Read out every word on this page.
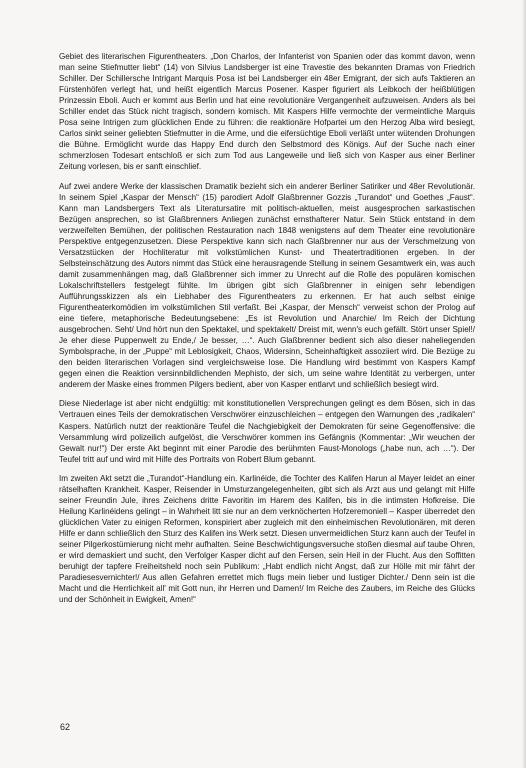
Gebiet des literarischen Figurentheaters. „Don Charlos, der Infanterist von Spanien oder das kommt davon, wenn man seine Stiefmutter liebt“ (14) von Silvius Landsberger ist eine Travestie des bekannten Dramas von Friedrich Schiller. Der Schillersche Intrigant Marquis Posa ist bei Landsberger ein 48er Emigrant, der sich aufs Taktieren an Fürstenhöfen verlegt hat, und heißt eigentlich Marcus Posener. Kasper figuriert als Leibkoch der heißblütigen Prinzessin Eboli. Auch er kommt aus Berlin und hat eine revolutionäre Vergangenheit aufzuweisen. Anders als bei Schiller endet das Stück nicht tragisch, sondern komisch. Mit Kaspers Hilfe vermochte der vermeintliche Marquis Posa seine Intrigen zum glücklichen Ende zu führen: die reaktionäre Hofpartei um den Herzog Alba wird besiegt, Carlos sinkt seiner geliebten Stiefmutter in die Arme, und die eifersüchtige Eboli verläßt unter wütenden Drohungen die Bühne. Ermöglicht wurde das Happy End durch den Selbstmord des Königs. Auf der Suche nach einer schmerzlosen Todesart entschloß er sich zum Tod aus Langeweile und ließ sich von Kasper aus einer Berliner Zeitung vorlesen, bis er sanft einschlief.

Auf zwei andere Werke der klassischen Dramatik bezieht sich ein anderer Berliner Satiriker und 48er Revolutionär. In seinem Spiel „Kaspar der Mensch“ (15) parodiert Adolf Glaßbrenner Gozzis „Turandot“ und Goethes „Faust“. Kann man Landsbergers Text als Literatursatire mit politisch-aktuellen, meist ausgesprochen sarkastischen Bezügen ansprechen, so ist Glaßbrenners Anliegen zunächst ernsthafterer Natur. Sein Stück entstand in dem verzweifelten Bemühen, der politischen Restauration nach 1848 wenigstens auf dem Theater eine revolutionäre Perspektive entgegenzusetzen. Diese Perspektive kann sich nach Glaßbrenner nur aus der Verschmelzung von Versatzstücken der Hochliteratur mit volkstümlichen Kunst- und Theatertraditionen ergeben. In der Selbsteinschätzung des Autors nimmt das Stück eine herausragende Stellung in seinem Gesamtwerk ein, was auch damit zusammenhängen mag, daß Glaßbrenner sich immer zu Unrecht auf die Rolle des populären komischen Lokalschriftstellers festgelegt fühlte. Im übrigen gibt sich Glaßbrenner in einigen sehr lebendigen Aufführungsskizzen als ein Liebhaber des Figurentheaters zu erkennen. Er hat auch selbst einige Figurentheaterkomödien im volkstümlichen Stil verfaßt. Bei „Kaspar, der Mensch“ verweist schon der Prolog auf eine tiefere, metaphorische Bedeutungsebene: „Es ist Revolution und Anarchie/ Im Reich der Dichtung ausgebrochen. Seht/ Und hört nun den Spektakel, und spektakelt/ Dreist mit, wenn's euch gefällt. Stört unser Spiel!/ Je eher diese Puppenwelt zu Ende,/ Je besser, …“. Auch Glaßbrenner bedient sich also dieser naheliegenden Symbolsprache, in der „Puppe“ mit Leblosigkeit, Chaos, Widersinn, Scheinhaftigkeit assoziiert wird. Die Bezüge zu den beiden literarischen Vorlagen sind vergleichsweise lose. Die Handlung wird bestimmt von Kaspers Kampf gegen einen die Reaktion versinnbildlichenden Mephisto, der sich, um seine wahre Identität zu verbergen, unter anderem der Maske eines frommen Pilgers bedient, aber von Kasper entlarvt und schließlich besiegt wird.

Diese Niederlage ist aber nicht endgültig: mit konstitutionellen Versprechungen gelingt es dem Bösen, sich in das Vertrauen eines Teils der demokratischen Verschwörer einzuschleichen – entgegen den Warnungen des „radikalen“ Kaspers. Natürlich nutzt der reaktionäre Teufel die Nachgiebigkeit der Demokraten für seine Gegenoffensive: die Versammlung wird polizeilich aufgelöst, die Verschwörer kommen ins Gefängnis (Kommentar: „Wir weuchen der Gewalt nur!“) Der erste Akt beginnt mit einer Parodie des berühmten Faust-Monologs („habe nun, ach …“). Der Teufel tritt auf und wird mit Hilfe des Portraits von Robert Blum gebannt.

Im zweiten Akt setzt die „Turandot“-Handlung ein. Karlinéide, die Tochter des Kalifen Harun al Mayer leidet an einer rätselhaften Krankheit. Kasper, Reisender in Umsturzangelegenheiten, gibt sich als Arzt aus und gelangt mit Hilfe seiner Freundin Jule, ihres Zeichens dritte Favoritin im Harem des Kalifen, bis in die intimsten Hofkreise. Die Heilung Karlinéidens gelingt – in Wahrheit litt sie nur an dem verknöcherten Hofzeremoniell – Kasper überredet den glücklichen Vater zu einigen Reformen, konspiriert aber zugleich mit den einheimischen Revolutionären, mit deren Hilfe er dann schließlich den Sturz des Kalifen ins Werk setzt. Diesen unvermeidlichen Sturz kann auch der Teufel in seiner Pilgerkostümierung nicht mehr aufhalten. Seine Beschwichtigungsversuche stoßen diesmal auf taube Ohren, er wird demaskiert und sucht, den Verfolger Kasper dicht auf den Fersen, sein Heil in der Flucht. Aus den Soffitten beruhigt der tapfere Freiheitsheld noch sein Publikum: „Habt endlich nicht Angst, daß zur Hölle mit mir fährt der Paradiesesvernichter!/ Aus allen Gefahren errettet mich flugs mein lieber und lustiger Dichter./ Denn sein ist die Macht und die Herrlichkeit all' mit Gott nun, ihr Herren und Damen!/ Im Reiche des Zaubers, im Reiche des Glücks und der Schönheit in Ewigkeit, Amen!“

62
